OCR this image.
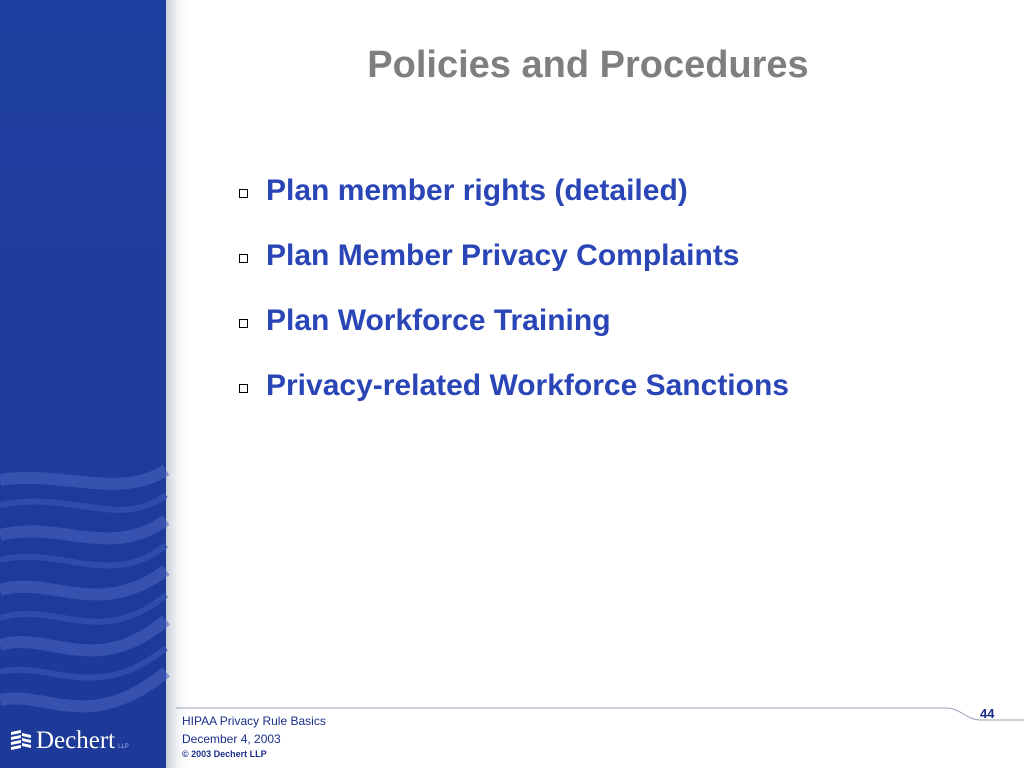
Policies and Procedures
Plan member rights (detailed)
Plan Member Privacy Complaints
Plan Workforce Training
Privacy-related Workforce Sanctions
44
HIPAA Privacy Rule Basics
December 4, 2003
© 2003 Dechert LLP
Dechert LLP
